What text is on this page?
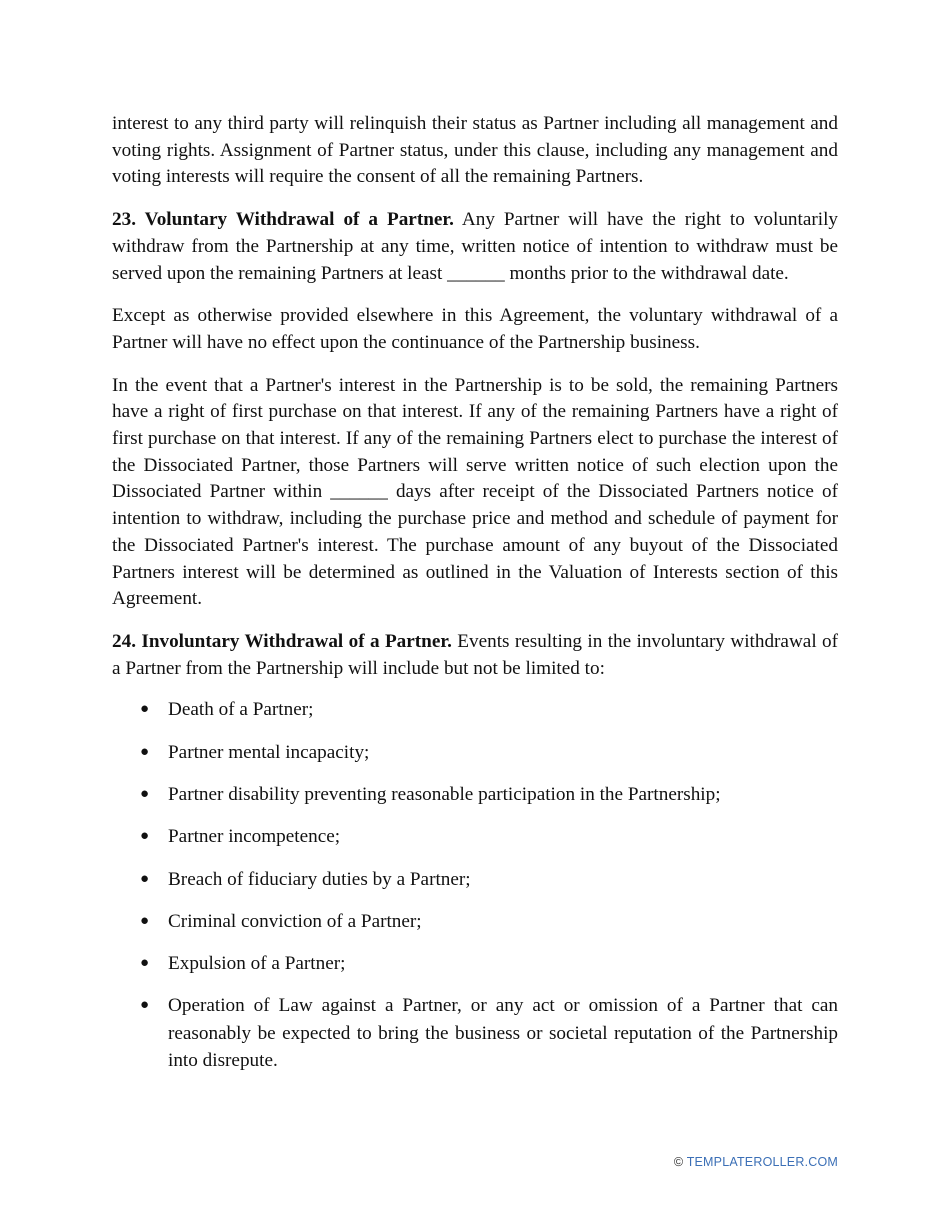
interest to any third party will relinquish their status as Partner including all management and voting rights. Assignment of Partner status, under this clause, including any management and voting interests will require the consent of all the remaining Partners.

23. Voluntary Withdrawal of a Partner. Any Partner will have the right to voluntarily withdraw from the Partnership at any time, written notice of intention to withdraw must be served upon the remaining Partners at least ______ months prior to the withdrawal date.

Except as otherwise provided elsewhere in this Agreement, the voluntary withdrawal of a Partner will have no effect upon the continuance of the Partnership business.

In the event that a Partner's interest in the Partnership is to be sold, the remaining Partners have a right of first purchase on that interest. If any of the remaining Partners have a right of first purchase on that interest. If any of the remaining Partners elect to purchase the interest of the Dissociated Partner, those Partners will serve written notice of such election upon the Dissociated Partner within ______ days after receipt of the Dissociated Partners notice of intention to withdraw, including the purchase price and method and schedule of payment for the Dissociated Partner's interest. The purchase amount of any buyout of the Dissociated Partners interest will be determined as outlined in the Valuation of Interests section of this Agreement.

24. Involuntary Withdrawal of a Partner. Events resulting in the involuntary withdrawal of a Partner from the Partnership will include but not be limited to:

● Death of a Partner;
● Partner mental incapacity;
● Partner disability preventing reasonable participation in the Partnership;
● Partner incompetence;
● Breach of fiduciary duties by a Partner;
● Criminal conviction of a Partner;
● Expulsion of a Partner;
● Operation of Law against a Partner, or any act or omission of a Partner that can reasonably be expected to bring the business or societal reputation of the Partnership into disrepute.
© TEMPLATEROLLER.COM
